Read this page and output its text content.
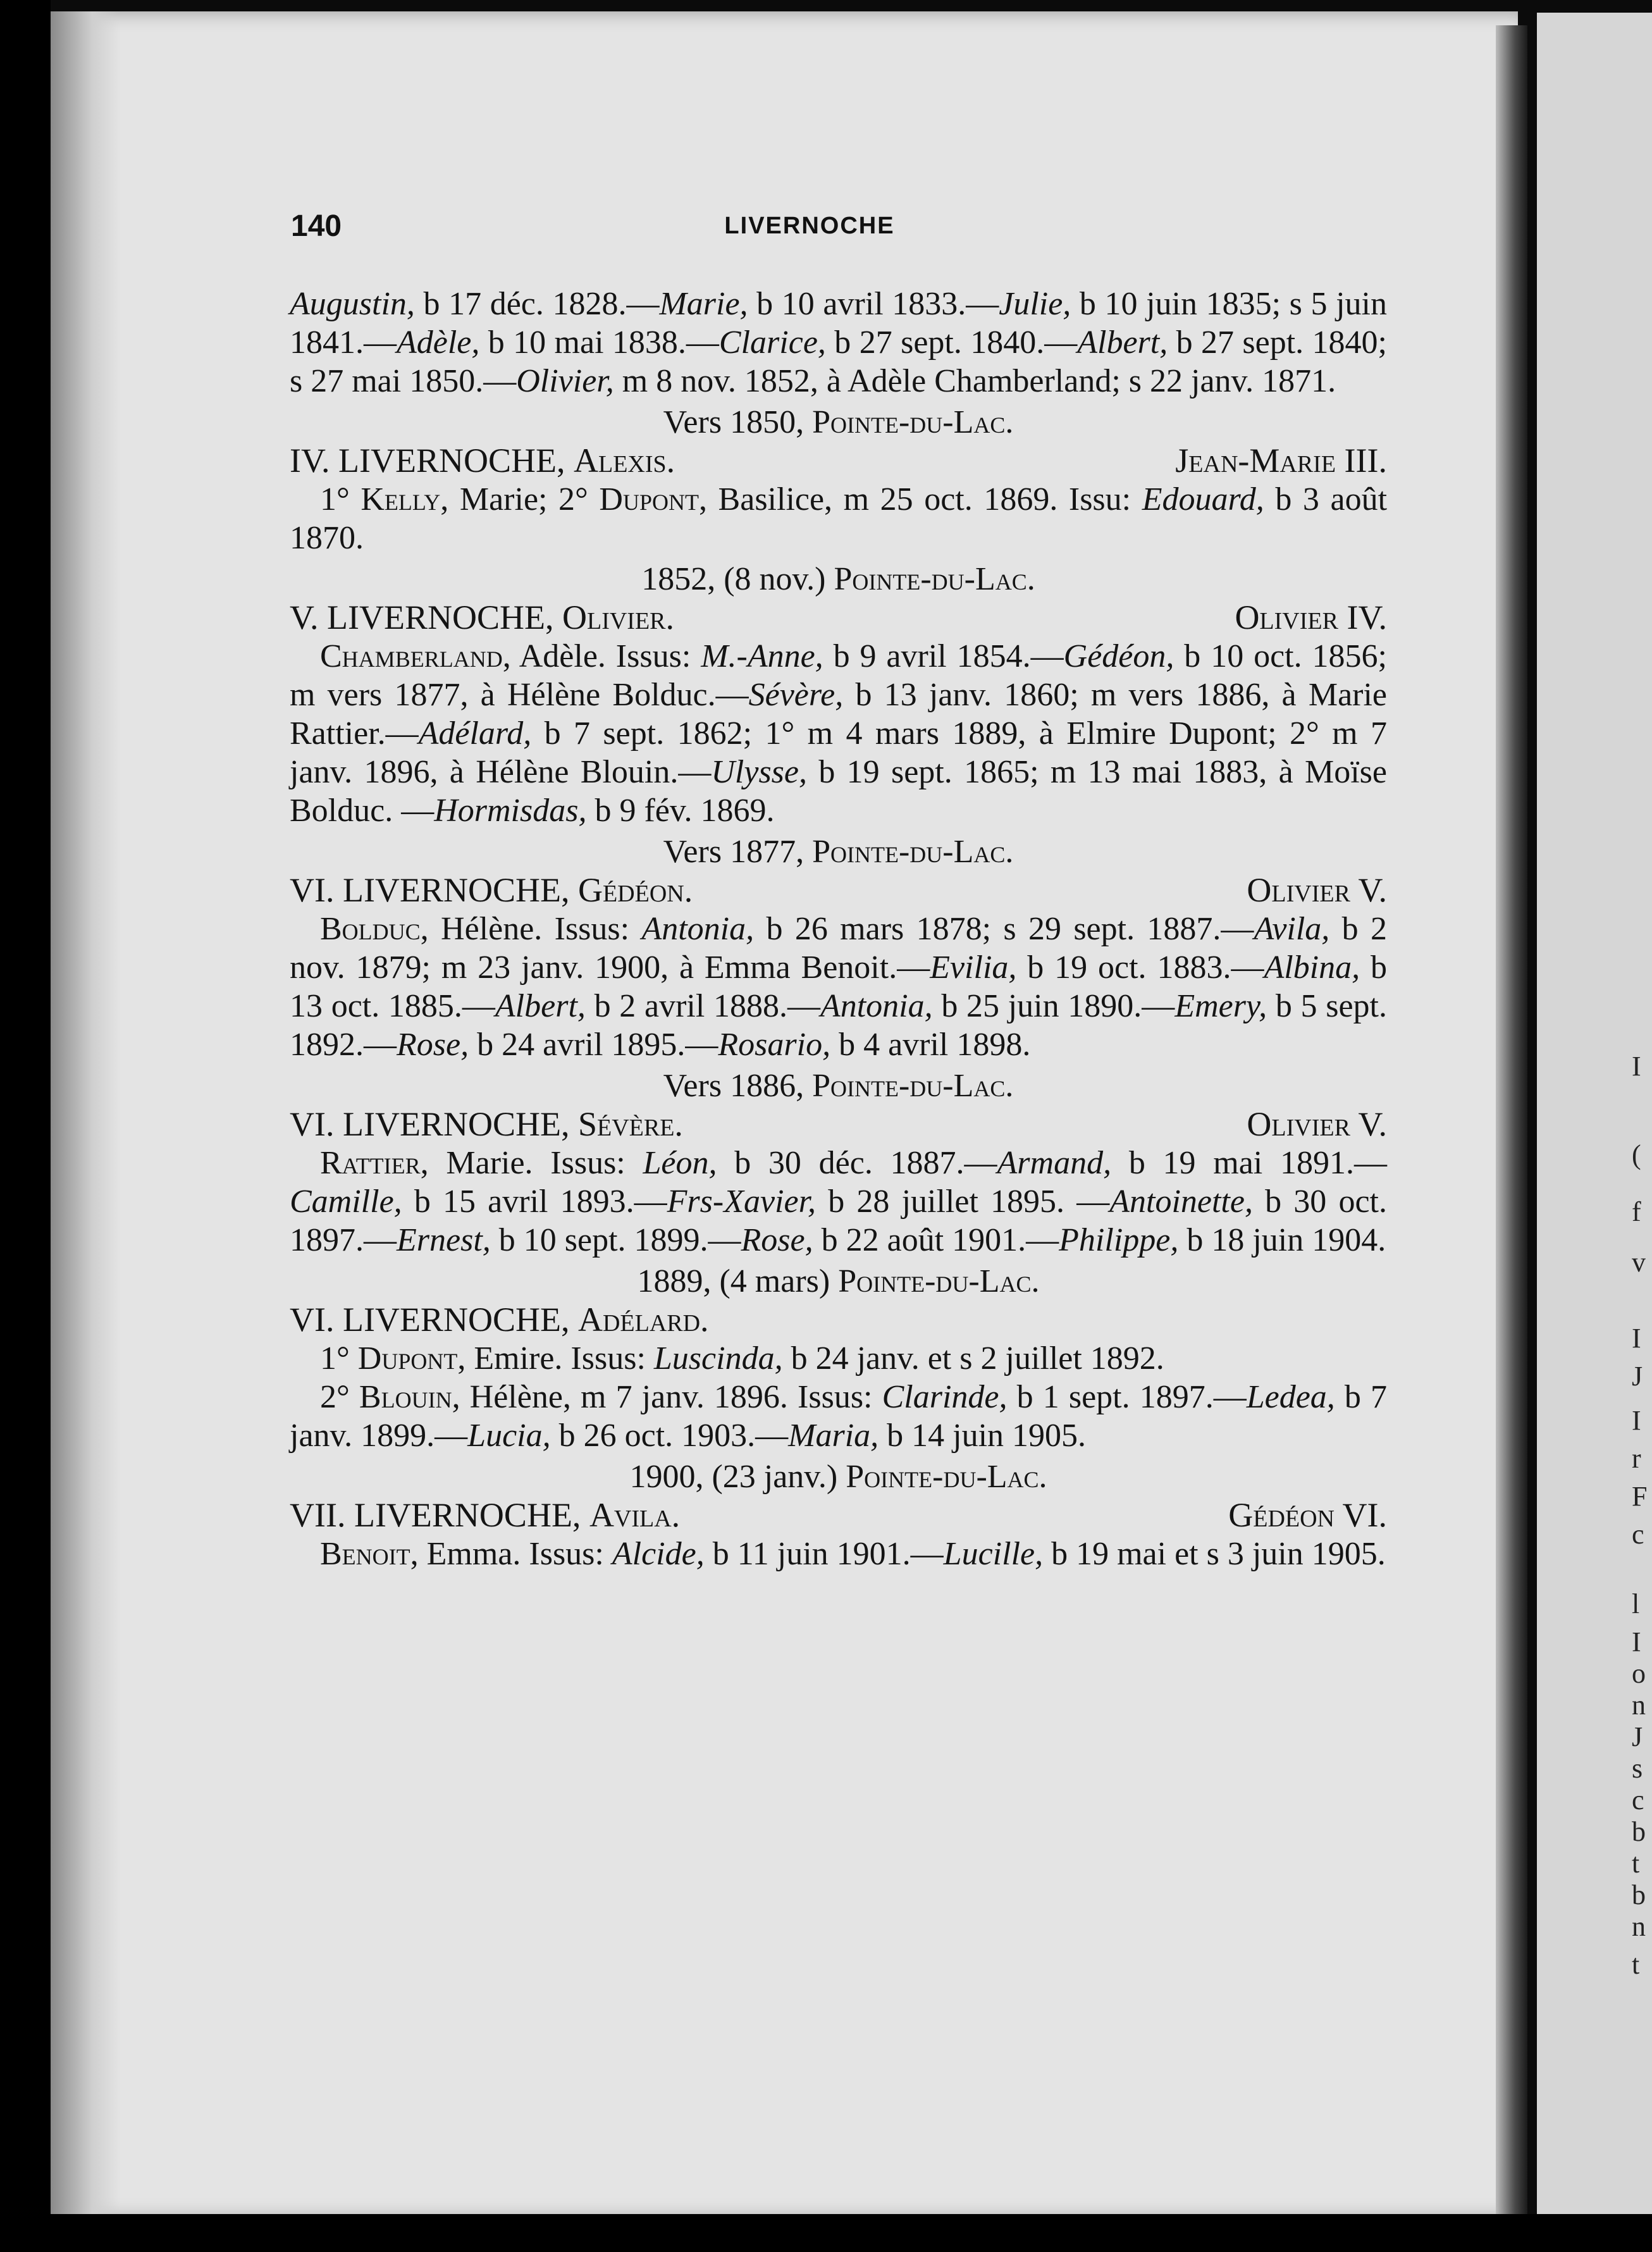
I
(
f
v
I
J
I
r
F
c
l
I
o
n
J
s
c
b
t
b
n
t
140	LIVERNOCHE

Augustin, b 17 déc. 1828.—Marie, b 10 avril 1833.—Julie, b 10 juin 1835; s 5 juin 1841.—Adèle, b 10 mai 1838.—Clarice, b 27 sept. 1840.—Albert, b 27 sept. 1840; s 27 mai 1850.—Olivier, m 8 nov. 1852, à Adèle Chamberland; s 22 janv. 1871.

Vers 1850, Pointe-du-Lac.
IV. LIVERNOCHE, Alexis.	Jean-Marie III.

1° Kelly, Marie; 2° Dupont, Basilice, m 25 oct. 1869. Issu: Edouard, b 3 août 1870.

1852, (8 nov.) Pointe-du-Lac.
V. LIVERNOCHE, Olivier.	Olivier IV.

Chamberland, Adèle. Issus: M.-Anne, b 9 avril 1854.—Gédéon, b 10 oct. 1856; m vers 1877, à Hélène Bolduc.—Sévère, b 13 janv. 1860; m vers 1886, à Marie Rattier.—Adélard, b 7 sept. 1862; 1° m 4 mars 1889, à Elmire Dupont; 2° m 7 janv. 1896, à Hélène Blouin.—Ulysse, b 19 sept. 1865; m 13 mai 1883, à Moïse Bolduc. —Hormisdas, b 9 fév. 1869.

Vers 1877, Pointe-du-Lac.
VI. LIVERNOCHE, Gédéon.	Olivier V.

Bolduc, Hélène. Issus: Antonia, b 26 mars 1878; s 29 sept. 1887.—Avila, b 2 nov. 1879; m 23 janv. 1900, à Emma Benoit.—Evilia, b 19 oct. 1883.—Albina, b 13 oct. 1885.—Albert, b 2 avril 1888.—Antonia, b 25 juin 1890.—Emery, b 5 sept. 1892.—Rose, b 24 avril 1895.—Rosario, b 4 avril 1898.

Vers 1886, Pointe-du-Lac.
VI. LIVERNOCHE, Sévère.	Olivier V.

Rattier, Marie. Issus: Léon, b 30 déc. 1887.—Armand, b 19 mai 1891.—Camille, b 15 avril 1893.—Frs-Xavier, b 28 juillet 1895. —Antoinette, b 30 oct. 1897.—Ernest, b 10 sept. 1899.—Rose, b 22 août 1901.—Philippe, b 18 juin 1904.

1889, (4 mars) Pointe-du-Lac.
VI. LIVERNOCHE, Adélard.

1° Dupont, Emire. Issus: Luscinda, b 24 janv. et s 2 juillet 1892.

2° Blouin, Hélène, m 7 janv. 1896. Issus: Clarinde, b 1 sept. 1897.—Ledea, b 7 janv. 1899.—Lucia, b 26 oct. 1903.—Maria, b 14 juin 1905.

1900, (23 janv.) Pointe-du-Lac.
VII. LIVERNOCHE, Avila.	Gédéon VI.

Benoit, Emma. Issus: Alcide, b 11 juin 1901.—Lucille, b 19 mai et s 3 juin 1905.
